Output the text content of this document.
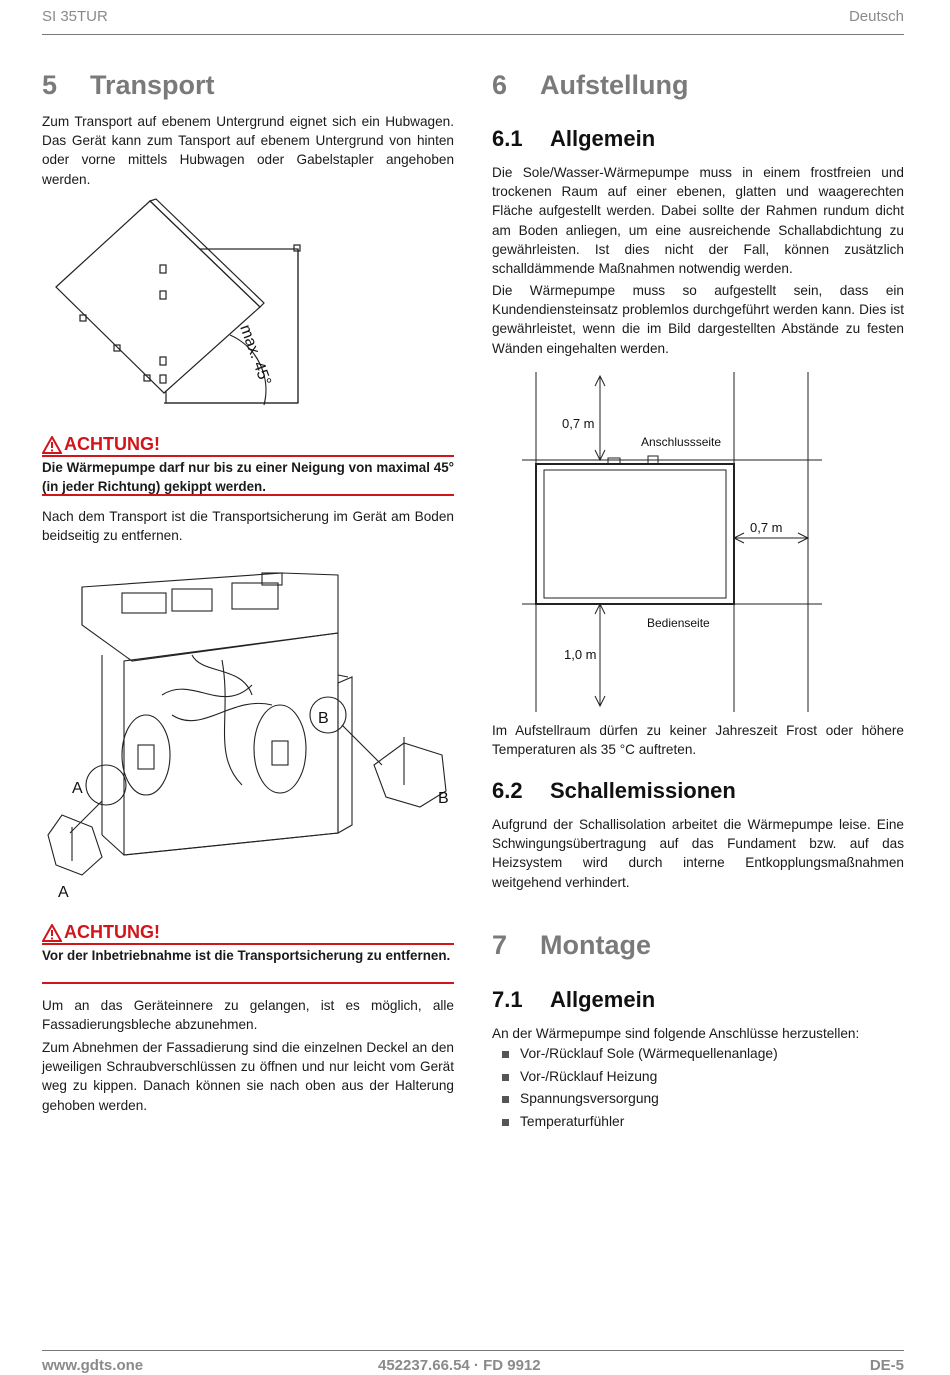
SI 35TUR	Deutsch
5 Transport

Zum Transport auf ebenem Untergrund eignet sich ein Hubwagen. Das Gerät kann zum Tansport auf ebenem Untergrund von hinten oder vorne mittels Hubwagen oder Gabelstapler angehoben werden.

max. 45°
ACHTUNG!
Die Wärmepumpe darf nur bis zu einer Neigung von maximal 45° (in jeder Richtung) gekippt werden.

Nach dem Transport ist die Transportsicherung im Gerät am Boden beidseitig zu entfernen.

A
A
B
B
ACHTUNG!
Vor der Inbetriebnahme ist die Transportsicherung zu entfernen.

Um an das Geräteinnere zu gelangen, ist es möglich, alle Fassadierungsbleche abzunehmen.

Zum Abnehmen der Fassadierung sind die einzelnen Deckel an den jeweiligen Schraubverschlüssen zu öffnen und nur leicht vom Gerät weg zu kippen. Danach können sie nach oben aus der Halterung gehoben werden.

6 Aufstellung
6.1 Allgemein

Die Sole/Wasser-Wärmepumpe muss in einem frostfreien und trockenen Raum auf einer ebenen, glatten und waagerechten Fläche aufgestellt werden. Dabei sollte der Rahmen rundum dicht am Boden anliegen, um eine ausreichende Schallabdichtung zu gewährleisten. Ist dies nicht der Fall, können zusätzlich schalldämmende Maßnahmen notwendig werden.

Die Wärmepumpe muss so aufgestellt sein, dass ein Kundendiensteinsatz problemlos durchgeführt werden kann. Dies ist gewährleistet, wenn die im Bild dargestellten Abstände zu festen Wänden eingehalten werden.

0,7 m
Anschlussseite
0,7 m
Bedienseite
1,0 m

Im Aufstellraum dürfen zu keiner Jahreszeit Frost oder höhere Temperaturen als 35 °C auftreten.

6.2 Schallemissionen

Aufgrund der Schallisolation arbeitet die Wärmepumpe leise. Eine Schwingungsübertragung auf das Fundament bzw. auf das Heizsystem wird durch interne Entkopplungsmaßnahmen weitgehend verhindert.

7 Montage
7.1 Allgemein

An der Wärmepumpe sind folgende Anschlüsse herzustellen:

Vor-/Rücklauf Sole (Wärmequellenanlage)
Vor-/Rücklauf Heizung
Spannungsversorgung
Temperaturfühler
www.gdts.one	452237.66.54 · FD 9912	DE-5
